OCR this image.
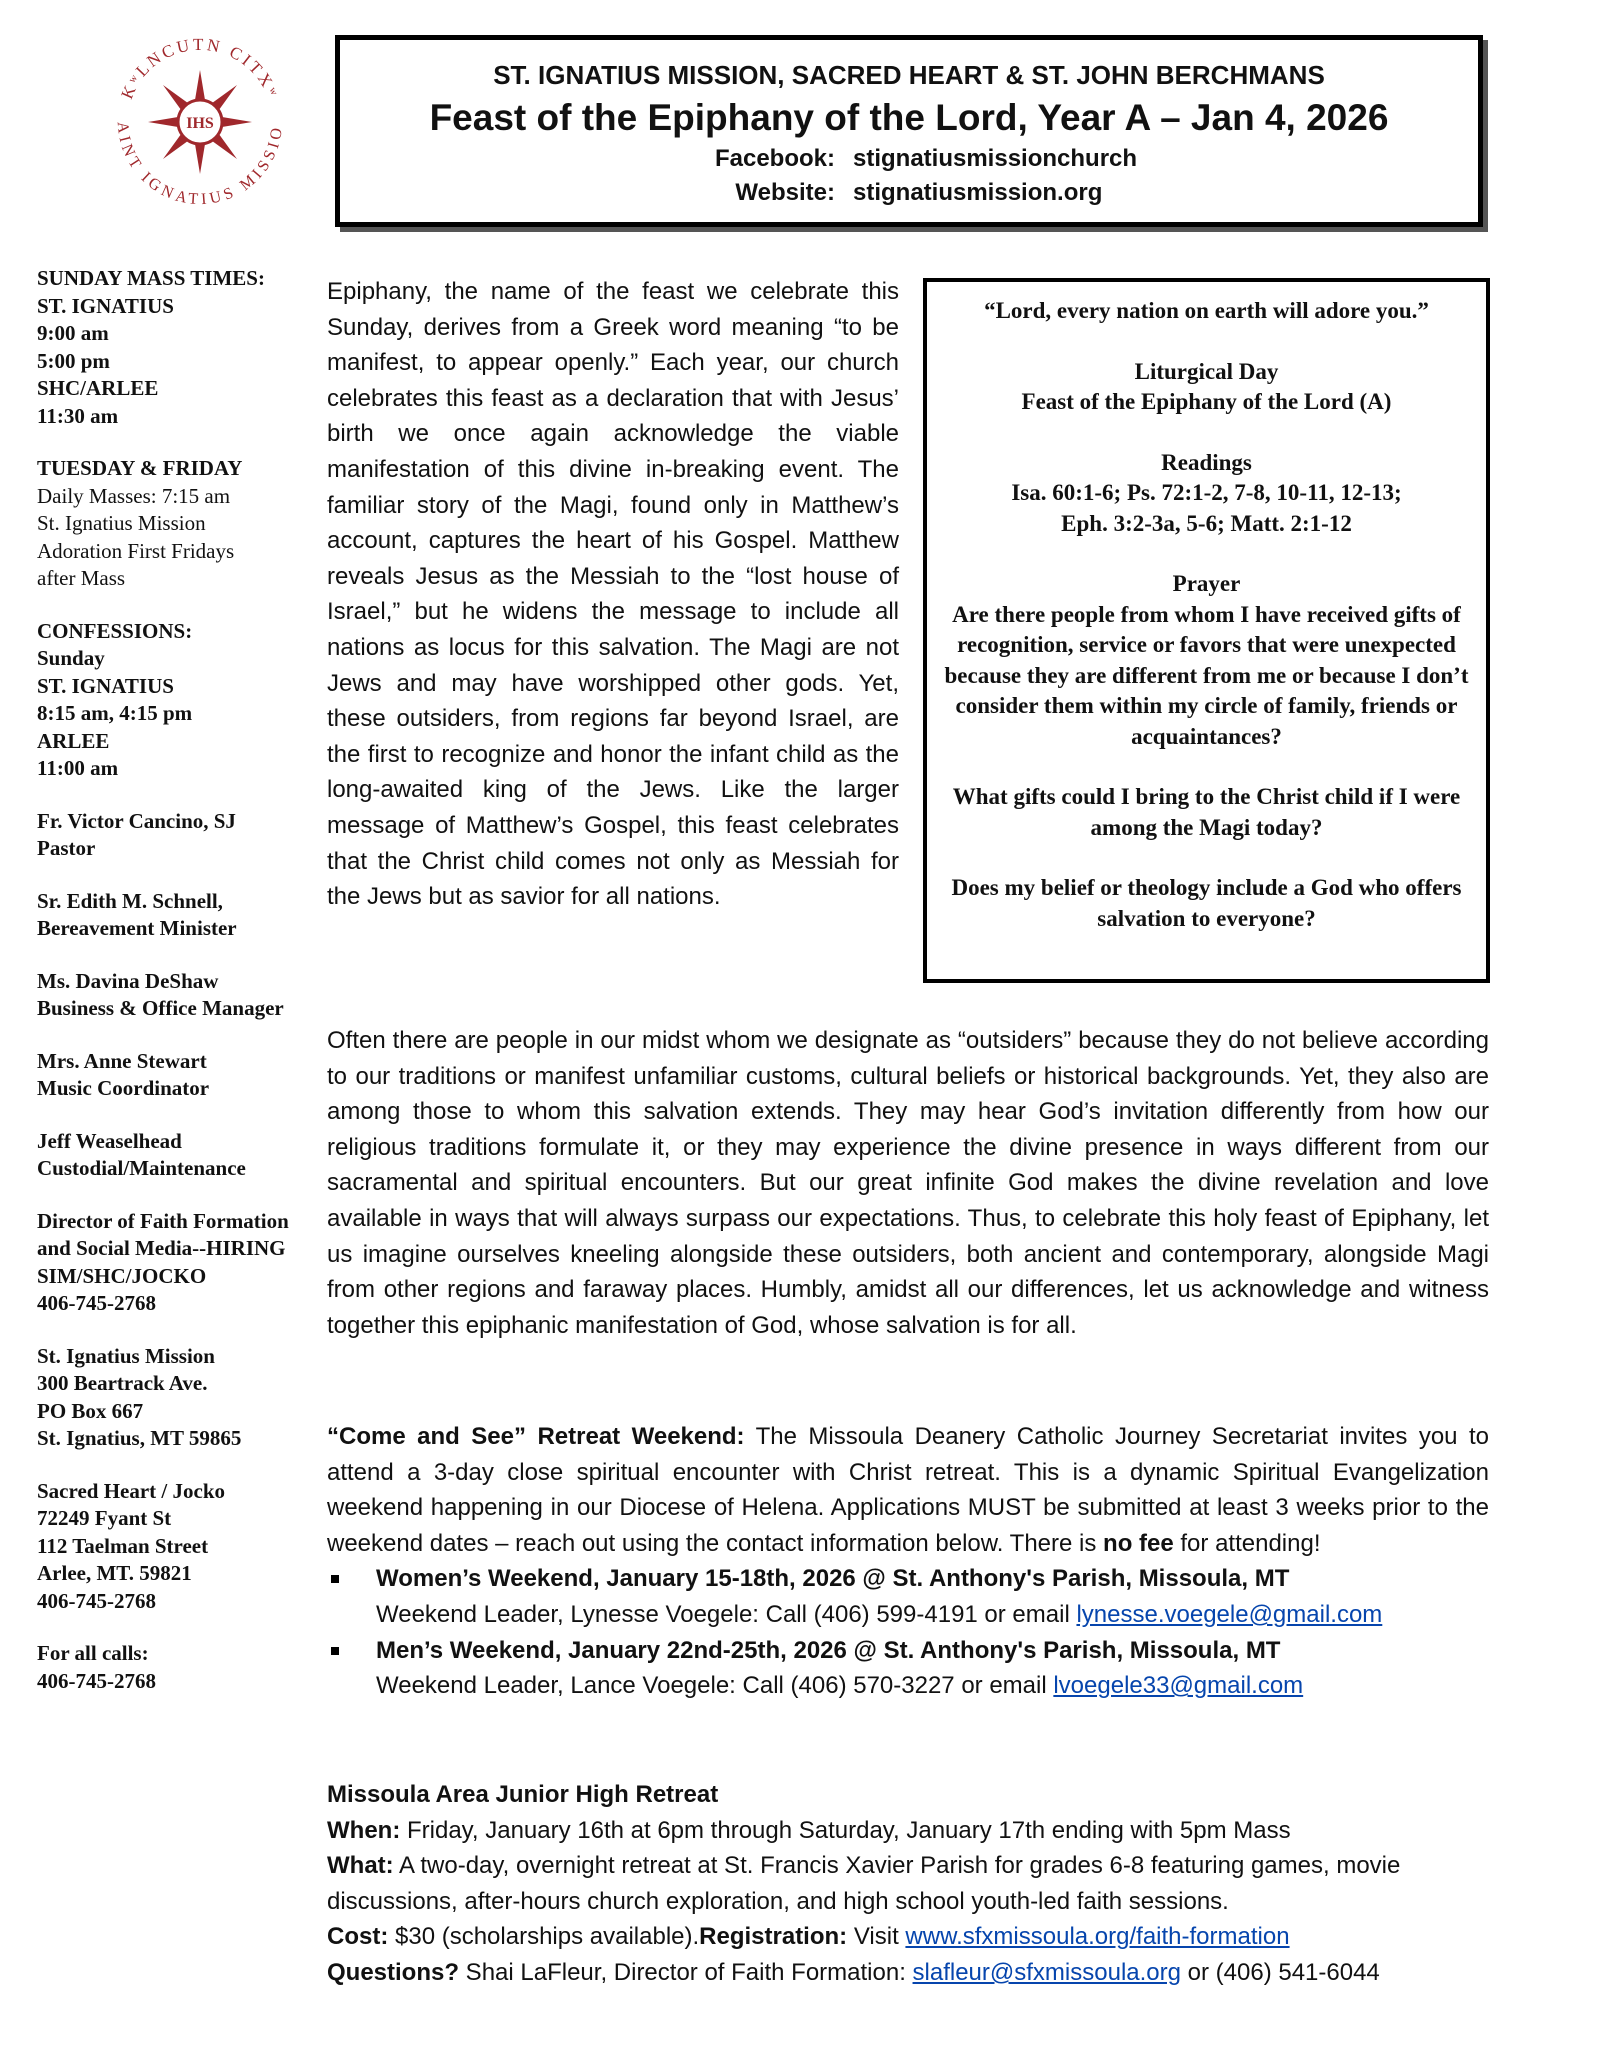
KʷLNCUTN CITXʷ
AINT IGNATIUS MISSIO
IHS
ST. IGNATIUS MISSION, SACRED HEART & ST. JOHN BERCHMANS
Feast of the Epiphany of the Lord, Year A – Jan 4, 2026
Facebook: stignatiusmissionchurch
Website: stignatiusmission.org
SUNDAY MASS TIMES:
ST. IGNATIUS
9:00 am
5:00 pm
SHC/ARLEE
11:30 am
TUESDAY & FRIDAY
Daily Masses: 7:15 am
St. Ignatius Mission
Adoration First Fridays
after Mass
CONFESSIONS:
Sunday
ST. IGNATIUS
8:15 am, 4:15 pm
ARLEE
11:00 am
Fr. Victor Cancino, SJ
Pastor
Sr. Edith M. Schnell,
Bereavement Minister
Ms. Davina DeShaw
Business & Office Manager
Mrs. Anne Stewart
Music Coordinator
Jeff Weaselhead
Custodial/Maintenance
Director of Faith Formation and Social Media--HIRING
SIM/SHC/JOCKO
406-745-2768
St. Ignatius Mission
300 Beartrack Ave.
PO Box 667
St. Ignatius, MT 59865
Sacred Heart / Jocko
72249 Fyant St
112 Taelman Street
Arlee, MT. 59821
406-745-2768
For all calls:
406-745-2768
Epiphany, the name of the feast we celebrate this Sunday, derives from a Greek word meaning “to be manifest, to appear openly.” Each year, our church celebrates this feast as a declaration that with Jesus’ birth we once again acknowledge the viable manifestation of this divine in-breaking event. The familiar story of the Magi, found only in Matthew’s account, captures the heart of his Gospel. Matthew reveals Jesus as the Messiah to the “lost house of Israel,” but he widens the message to include all nations as locus for this salvation. The Magi are not Jews and may have worshipped other gods. Yet, these outsiders, from regions far beyond Israel, are the first to recognize and honor the infant child as the long-awaited king of the Jews. Like the larger message of Matthew’s Gospel, this feast celebrates that the Christ child comes not only as Messiah for the Jews but as savior for all nations.
“Lord, every nation on earth will adore you.”
Liturgical Day
Feast of the Epiphany of the Lord (A)
Readings
Isa. 60:1-6; Ps. 72:1-2, 7-8, 10-11, 12-13;
Eph. 3:2-3a, 5-6; Matt. 2:1-12
Prayer
Are there people from whom I have received gifts of recognition, service or favors that were unexpected because they are different from me or because I don’t consider them within my circle of family, friends or acquaintances?
What gifts could I bring to the Christ child if I were among the Magi today?
Does my belief or theology include a God who offers salvation to everyone?
Often there are people in our midst whom we designate as “outsiders” because they do not believe according to our traditions or manifest unfamiliar customs, cultural beliefs or historical backgrounds. Yet, they also are among those to whom this salvation extends. They may hear God’s invitation differently from how our religious traditions formulate it, or they may experience the divine presence in ways different from our sacramental and spiritual encounters. But our great infinite God makes the divine revelation and love available in ways that will always surpass our expectations. Thus, to celebrate this holy feast of Epiphany, let us imagine ourselves kneeling alongside these outsiders, both ancient and contemporary, alongside Magi from other regions and faraway places. Humbly, amidst all our differences, let us acknowledge and witness together this epiphanic manifestation of God, whose salvation is for all.
“Come and See” Retreat Weekend: The Missoula Deanery Catholic Journey Secretariat invites you to attend a 3-day close spiritual encounter with Christ retreat. This is a dynamic Spiritual Evangelization weekend happening in our Diocese of Helena. Applications MUST be submitted at least 3 weeks prior to the weekend dates – reach out using the contact information below. There is no fee for attending!
Women’s Weekend, January 15-18th, 2026 @ St. Anthony's Parish, Missoula, MT
Weekend Leader, Lynesse Voegele: Call (406) 599-4191 or email lynesse.voegele@gmail.com
Men’s Weekend, January 22nd-25th, 2026 @ St. Anthony's Parish, Missoula, MT
Weekend Leader, Lance Voegele: Call (406) 570-3227 or email lvoegele33@gmail.com
Missoula Area Junior High Retreat
When: Friday, January 16th at 6pm through Saturday, January 17th ending with 5pm Mass
What: A two-day, overnight retreat at St. Francis Xavier Parish for grades 6-8 featuring games, movie discussions, after-hours church exploration, and high school youth-led faith sessions.
Cost: $30 (scholarships available).Registration: Visit www.sfxmissoula.org/faith-formation
Questions? Shai LaFleur, Director of Faith Formation: slafleur@sfxmissoula.org or (406) 541-6044
